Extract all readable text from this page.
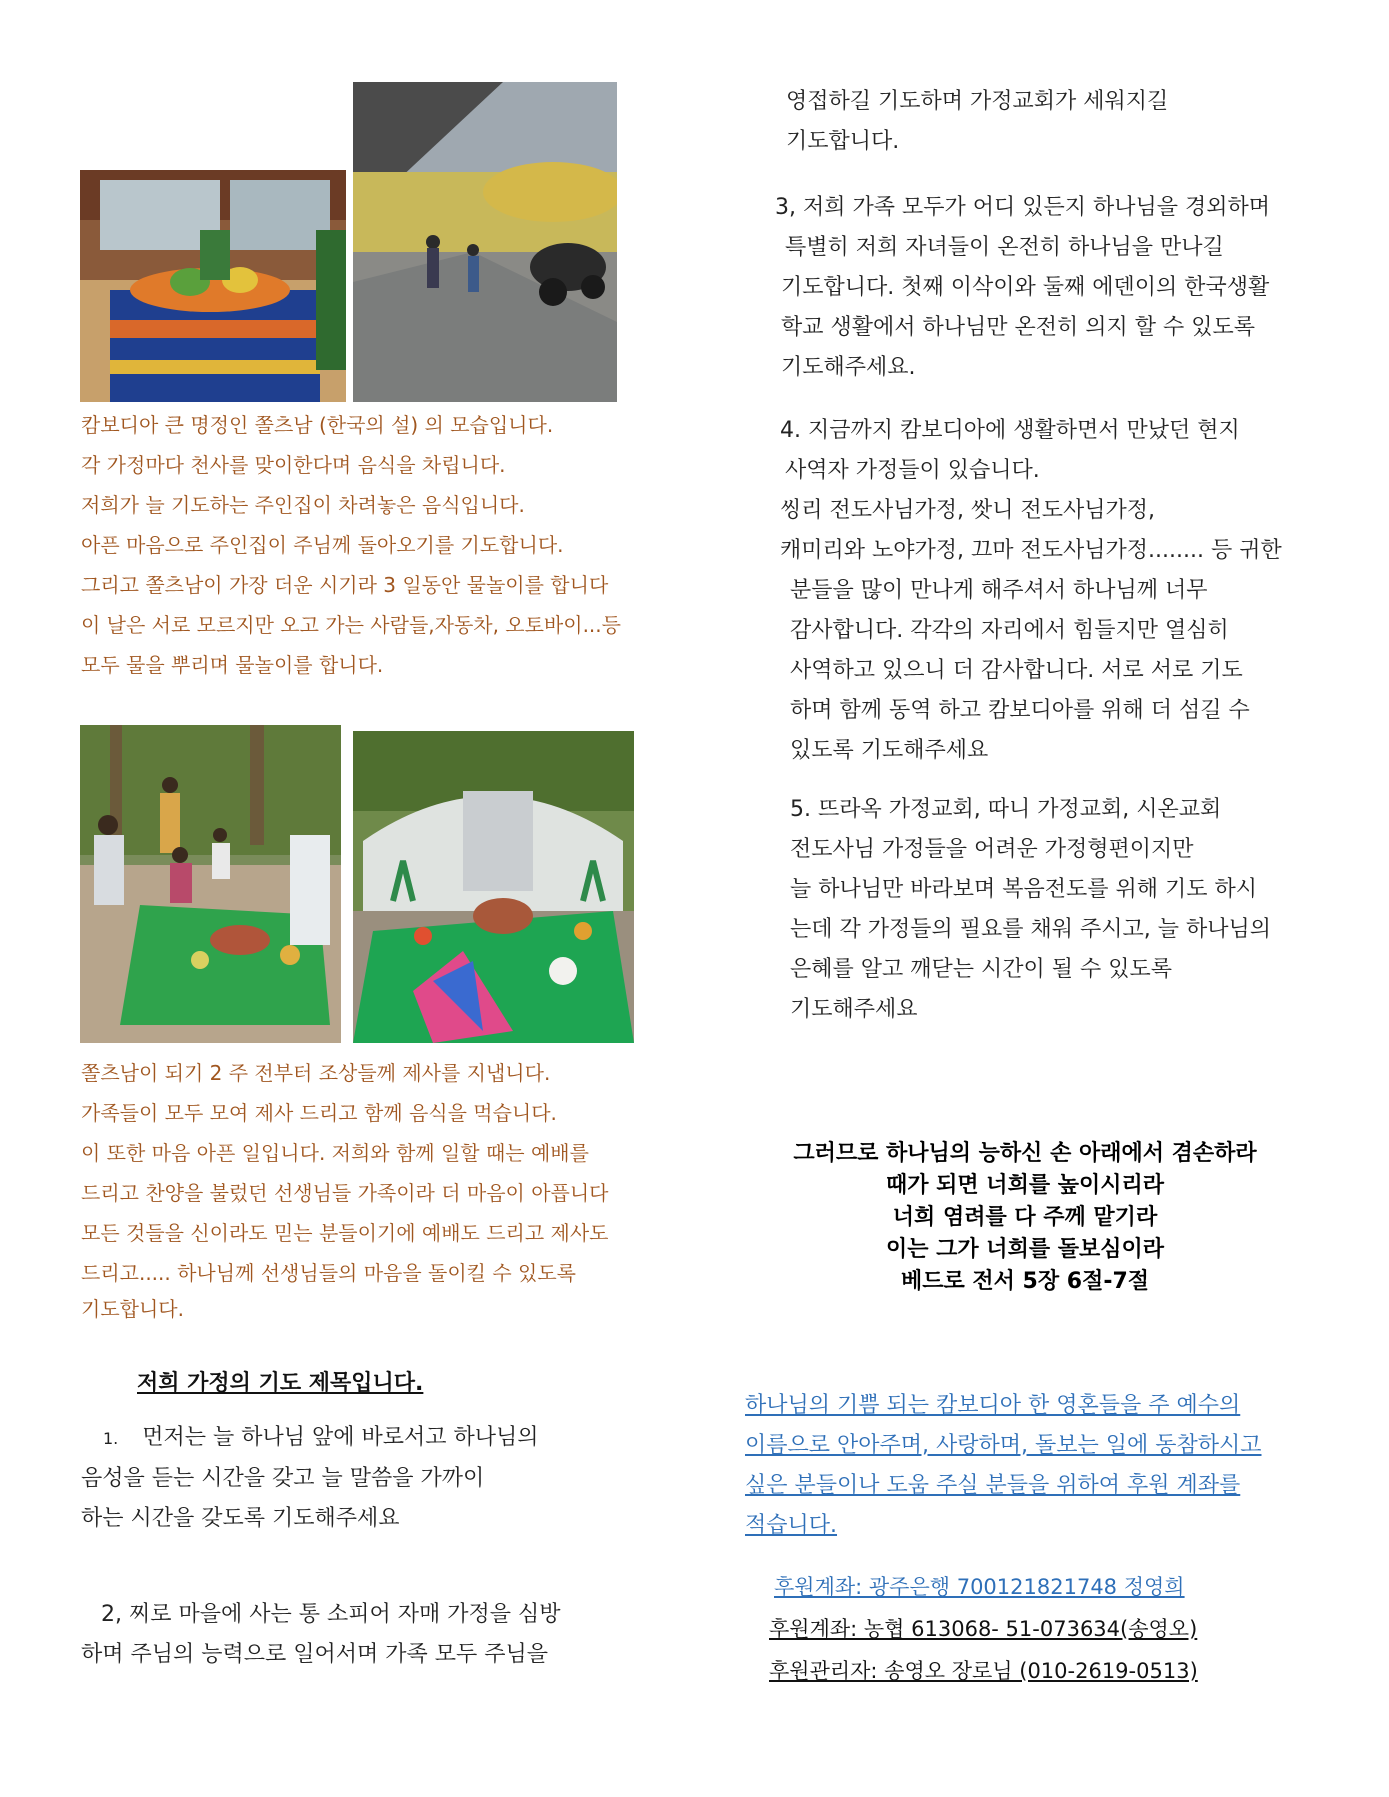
캄보디아 큰 명정인 쫄츠남 (한국의 설) 의 모습입니다.
각 가정마다 천사를 맞이한다며 음식을 차립니다.
저희가 늘 기도하는 주인집이 차려놓은 음식입니다.
아픈 마음으로 주인집이 주님께 돌아오기를 기도합니다.
그리고 쫄츠남이 가장 더운 시기라 3 일동안 물놀이를 합니다
이 날은 서로 모르지만 오고 가는 사람들,자동차, 오토바이...등
모두 물을 뿌리며 물놀이를 합니다.
쫄츠남이 되기 2 주 전부터 조상들께 제사를 지냅니다.
가족들이 모두 모여 제사 드리고 함께 음식을 먹습니다.
이 또한 마음 아픈 일입니다. 저희와 함께 일할 때는 예배를
드리고 찬양을 불렀던 선생님들 가족이라 더 마음이 아픕니다
모든 것들을 신이라도 믿는 분들이기에 예배도 드리고 제사도
드리고..... 하나님께 선생님들의 마음을 돌이킬 수 있도록
기도합니다.
저희 가정의 기도 제목입니다.
1. 먼저는 늘 하나님 앞에 바로서고 하나님의
음성을 듣는 시간을 갖고 늘 말씀을 가까이
하는 시간을 갖도록 기도해주세요
2, 찌로 마을에 사는 통 소피어 자매 가정을 심방
하며 주님의 능력으로 일어서며 가족 모두 주님을
영접하길 기도하며 가정교회가 세워지길
기도합니다.
3, 저희 가족 모두가 어디 있든지 하나님을 경외하며
특별히 저희 자녀들이 온전히 하나님을 만나길
기도합니다. 첫째 이삭이와 둘째 에덴이의 한국생활
학교 생활에서 하나님만 온전히 의지 할 수 있도록
기도해주세요.
4. 지금까지 캄보디아에 생활하면서 만났던 현지
사역자 가정들이 있습니다.
씽리 전도사님가정, 쌋니 전도사님가정,
캐미리와 노야가정, 끄마 전도사님가정........ 등 귀한
분들을 많이 만나게 해주셔서 하나님께 너무
감사합니다. 각각의 자리에서 힘들지만 열심히
사역하고 있으니 더 감사합니다. 서로 서로 기도
하며 함께 동역 하고 캄보디아를 위해 더 섬길 수
있도록 기도해주세요
5. 뜨라옥 가정교회, 따니 가정교회, 시온교회
전도사님 가정들을 어려운 가정형편이지만
늘 하나님만 바라보며 복음전도를 위해 기도 하시
는데 각 가정들의 필요를 채워 주시고, 늘 하나님의
은혜를 알고 깨닫는 시간이 될 수 있도록
기도해주세요
그러므로 하나님의 능하신 손 아래에서 겸손하라
때가 되면 너희를 높이시리라
너희 염려를 다 주께 맡기라
이는 그가 너희를 돌보심이라
베드로 전서 5장 6절-7절
하나님의 기쁨 되는 캄보디아 한 영혼들을 주 예수의
이름으로 안아주며, 사랑하며, 돌보는 일에 동참하시고
싶은 분들이나 도움 주실 분들을 위하여 후원 계좌를
적습니다.
후원계좌: 광주은행 700121821748 정영희
후원계좌: 농협 613068- 51-073634(송영오)
후원관리자: 송영오 장로님 (010-2619-0513)
